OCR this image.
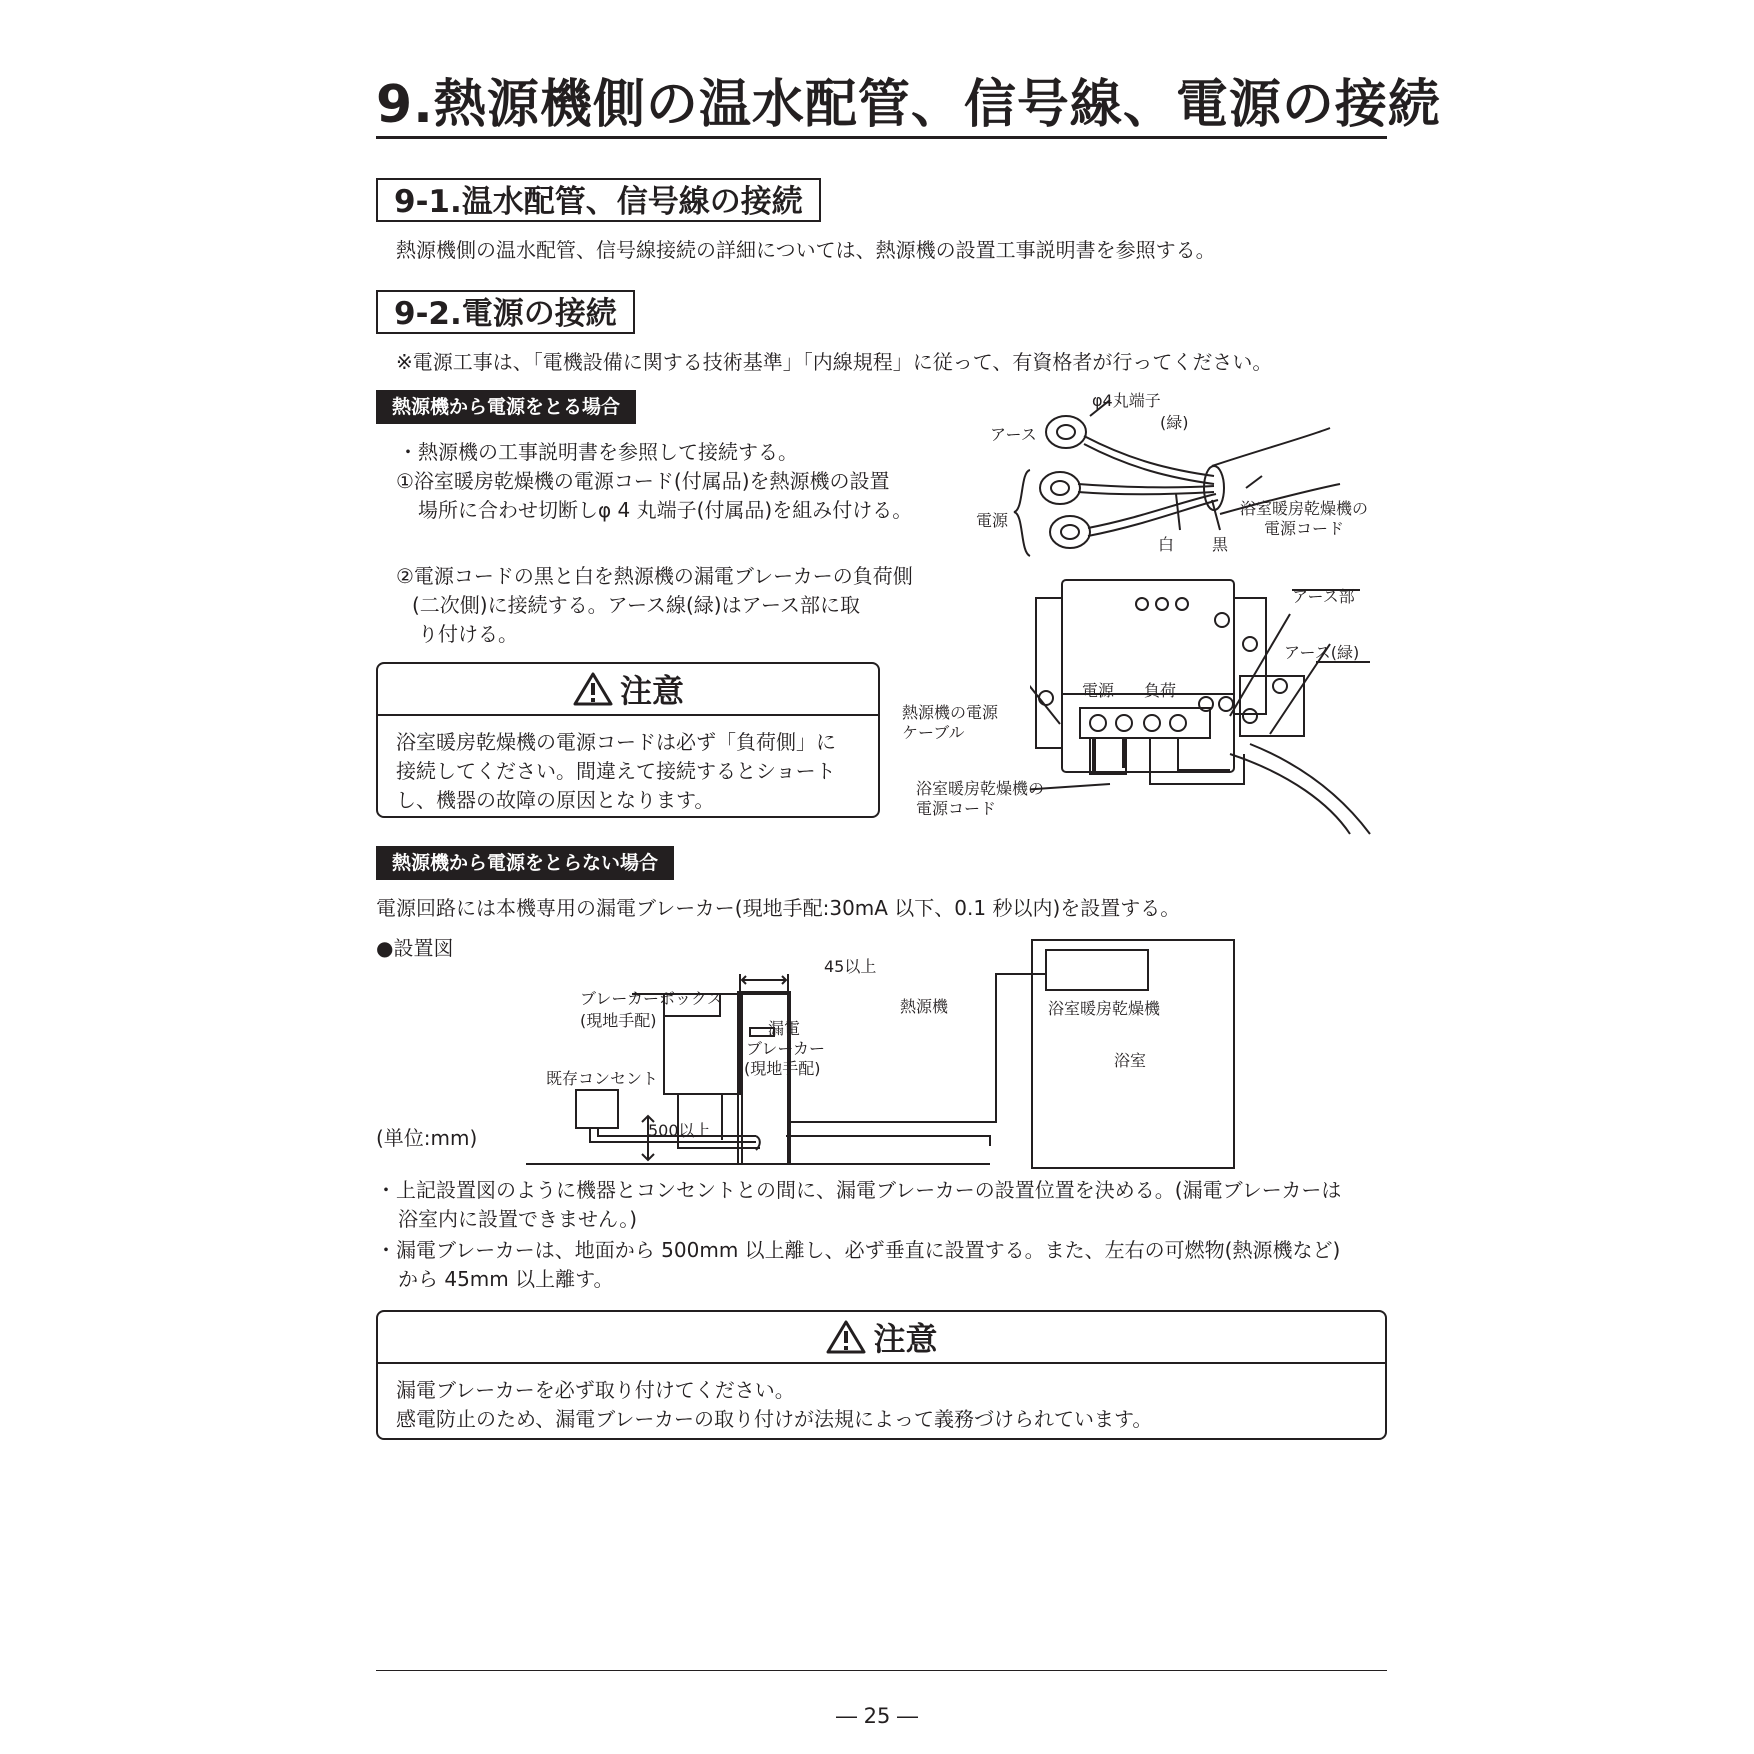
9.熱源機側の温水配管、信号線、電源の接続
9-1.温水配管、信号線の接続
熱源機側の温水配管、信号線接続の詳細については、熱源機の設置工事説明書を参照する。
9-2.電源の接続
※電源工事は、「電機設備に関する技術基準」「内線規程」に従って、有資格者が行ってください。
熱源機から電源をとる場合
・熱源機の工事説明書を参照して接続する。
①浴室暖房乾燥機の電源コード(付属品)を熱源機の設置
場所に合わせ切断しφ 4 丸端子(付属品)を組み付ける。
②電源コードの黒と白を熱源機の漏電ブレーカーの負荷側
(二次側)に接続する。アース線(緑)はアース部に取
り付ける。
注意
浴室暖房乾燥機の電源コードは必ず「負荷側」に
接続してください。間違えて接続するとショート
し、機器の故障の原因となります。
φ4丸端子
(緑)
アース
電源
白 黒
浴室暖房乾燥機の
電源コード
アース部
アース(緑)
電源 負荷
熱源機の電源
ケーブル
浴室暖房乾燥機の
電源コード
熱源機から電源をとらない場合
電源回路には本機専用の漏電ブレーカー(現地手配:30mA 以下、0.1 秒以内)を設置する。
●設置図
(単位:mm)
45以上
ブレーカーボックス
(現地手配)	漏電
ブレーカー
(現地手配)
熱源機
既存コンセント
500以上
浴室暖房乾燥機
浴室
・上記設置図のように機器とコンセントとの間に、漏電ブレーカーの設置位置を決める。(漏電ブレーカーは
浴室内に設置できません。)
・漏電ブレーカーは、地面から 500mm 以上離し、必ず垂直に設置する。また、左右の可燃物(熱源機など)
から 45mm 以上離す。
注意
漏電ブレーカーを必ず取り付けてください。
感電防止のため、漏電ブレーカーの取り付けが法規によって義務づけられています。
― 25 ―
